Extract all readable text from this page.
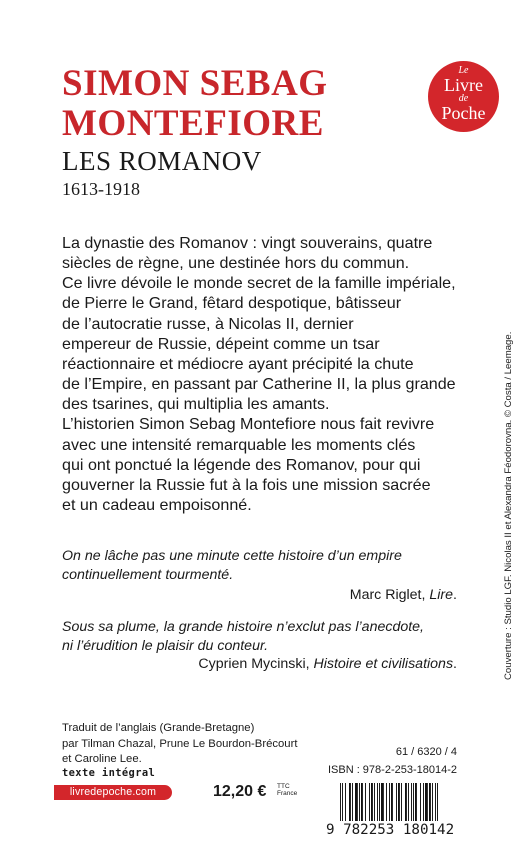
SIMON SEBAG
MONTEFIORE
LES ROMANOV
1613-1918
Le
Livre
de
Poche

La dynastie des Romanov : vingt souverains, quatre
siècles de règne, une destinée hors du commun.
Ce livre dévoile le monde secret de la famille impériale,
de Pierre le Grand, fêtard despotique, bâtisseur
de l’autocratie russe, à Nicolas II, dernier
empereur de Russie, dépeint comme un tsar
réactionnaire et médiocre ayant précipité la chute
de l’Empire, en passant par Catherine II, la plus grande
des tsarines, qui multiplia les amants.
L’historien Simon Sebag Montefiore nous fait revivre
avec une intensité remarquable les moments clés
qui ont ponctué la légende des Romanov, pour qui
gouverner la Russie fut à la fois une mission sacrée
et un cadeau empoisonné.

On ne lâche pas une minute cette histoire d’un empire
continuellement tourmenté.

Marc Riglet, Lire.

Sous sa plume, la grande histoire n’exclut pas l’anecdote,
ni l’érudition le plaisir du conteur.

Cyprien Mycinski, Histoire et civilisations.

Traduit de l’anglais (Grande-Bretagne)
par Tilman Chazal, Prune Le Bourdon-Brécourt
et Caroline Lee.

texte intégral
livredepoche.com	12,20 € TTC
France
61 / 6320 / 4
ISBN : 978-2-253-18014-2
9 782253 180142
Couverture : Studio LGF. Nicolas II et Alexandra Féodorovna. © Costa / Leemage.
